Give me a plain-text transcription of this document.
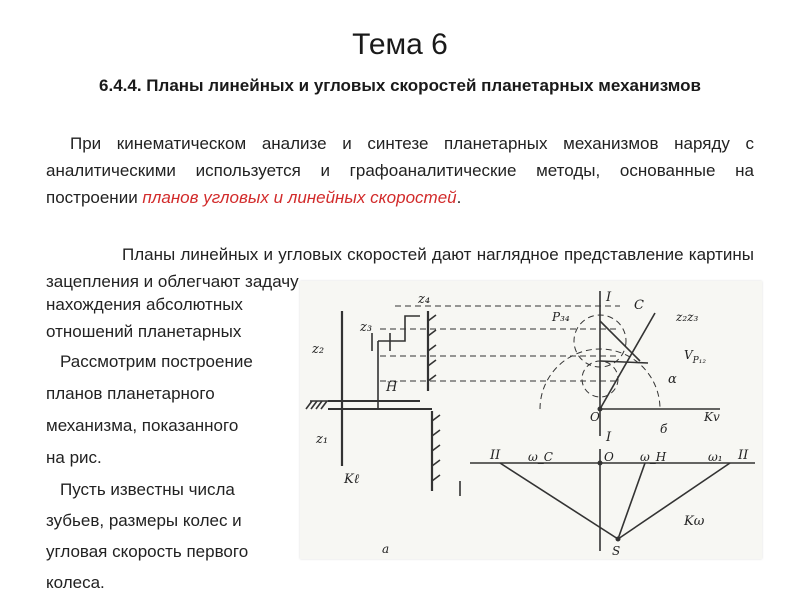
Тема 6
6.4.4. Планы линейных и угловых скоростей планетарных механизмов
При кинематическом анализе и синтезе планетарных механизмов наряду с аналитическими используется и графоаналитические методы, основанные на построении планов угловых и линейных скоростей.
Планы линейных и угловых скоростей дают наглядное представление картины зацепления и облегчают задачу
нахождения абсолютных
отношений планетарных
Рассмотрим построение
планов планетарного
механизма, показанного
на рис.
Пусть известны числа
зубьев, размеры колес и
угловая скорость первого
колеса.
z₄
z₃
z₂
z₁
H
а
б
I
I
II	II
P₃₄
C
z₂z₃
$V_{P_{12}}$
α
O	Kv
ω_C	O ω_H	ω₁
Kℓ
Kω
S
